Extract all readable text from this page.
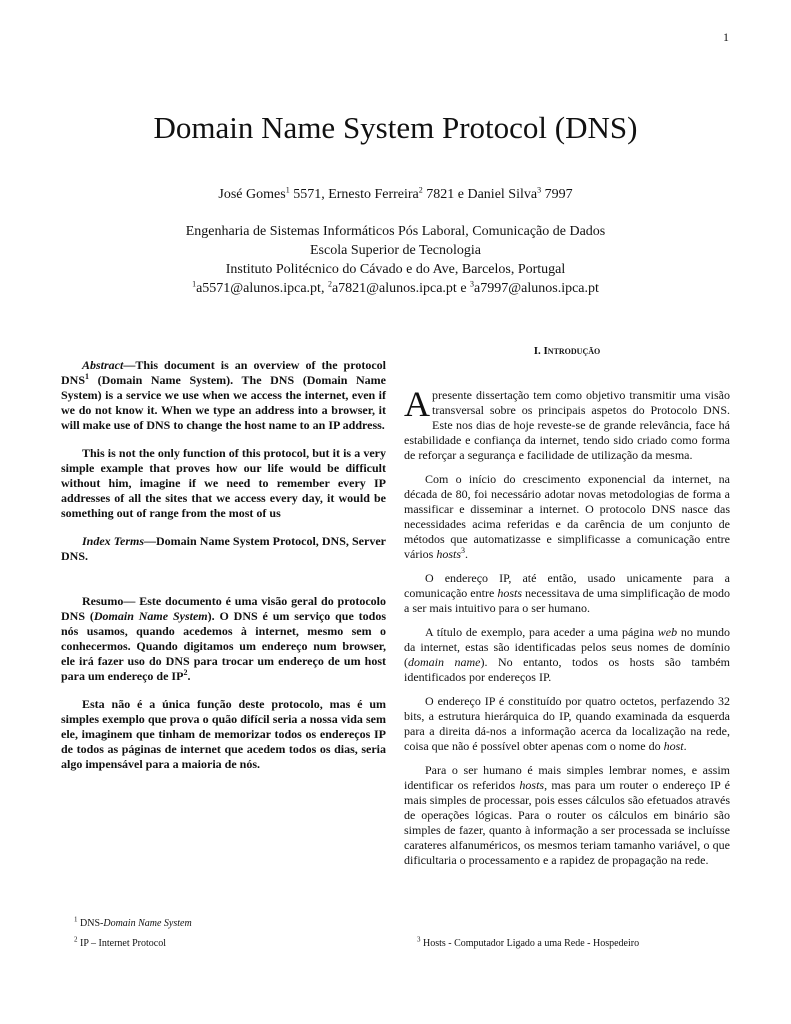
1
Domain Name System Protocol (DNS)
José Gomes$^1$ 5571, Ernesto Ferreira$^2$ 7821 e Daniel Silva$^3$ 7997
Engenharia de Sistemas Informáticos Pós Laboral, Comunicação de Dados
Escola Superior de Tecnologia
Instituto Politécnico do Cávado e do Ave, Barcelos, Portugal
$^1$a5571@alunos.ipca.pt, $^2$a7821@alunos.ipca.pt e $^3$a7997@alunos.ipca.pt

Abstract—This document is an overview of the protocol DNS$^1$ (Domain Name System). The DNS (Domain Name System) is a service we use when we access the internet, even if we do not know it. When we type an address into a browser, it will make use of DNS to change the host name to an IP address.

This is not the only function of this protocol, but it is a very simple example that proves how our life would be difficult without him, imagine if we need to remember every IP addresses of all the sites that we access every day, it would be something out of range from the most of us

Index Terms—Domain Name System Protocol, DNS, Server DNS.

Resumo— Este documento é uma visão geral do protocolo DNS (Domain Name System). O DNS é um serviço que todos nós usamos, quando acedemos à internet, mesmo sem o conhecermos. Quando digitamos um endereço num browser, ele irá fazer uso do DNS para trocar um endereço de um host para um endereço de $IP^2$.

Esta não é a única função deste protocolo, mas é um simples exemplo que prova o quão difícil seria a nossa vida sem ele, imaginem que tinham de memorizar todos os endereços IP de todos as páginas de internet que acedem todos os dias, seria algo impensável para a maioria de nós.

I. Introdução

Apresente dissertação tem como objetivo transmitir uma visão transversal sobre os principais aspetos do Protocolo DNS. Este nos dias de hoje reveste-se de grande relevância, face há estabilidade e confiança da internet, tendo sido criado como forma de reforçar a segurança e facilidade de utilização da mesma.

Com o início do crescimento exponencial da internet, na década de 80, foi necessário adotar novas metodologias de forma a massificar e disseminar a internet. O protocolo DNS nasce das necessidades acima referidas e da carência de um conjunto de métodos que automatizasse e simplificasse a comunicação entre vários hosts$^3$.

O endereço IP, até então, usado unicamente para a comunicação entre hosts necessitava de uma simplificação de modo a ser mais intuitivo para o ser humano.

A título de exemplo, para aceder a uma página web no mundo da internet, estas são identificadas pelos seus nomes de domínio (domain name). No entanto, todos os hosts são também identificados por endereços IP.

O endereço IP é constituído por quatro octetos, perfazendo 32 bits, a estrutura hierárquica do IP, quando examinada da esquerda para a direita dá-nos a informação acerca da localização na rede, coisa que não é possível obter apenas com o nome do host.

Para o ser humano é mais simples lembrar nomes, e assim identificar os referidos hosts, mas para um router o endereço IP é mais simples de processar, pois esses cálculos são efetuados através de operações lógicas. Para o router os cálculos em binário são simples de fazer, quanto à informação a ser processada se incluísse carateres alfanuméricos, os mesmos teriam tamanho variável, o que dificultaria o processamento e a rapidez de propagação na rede.

$^1$ DNS-Domain Name System
$^2$ IP – Internet Protocol	$^3$ Hosts - Computador Ligado a uma Rede - Hospedeiro
